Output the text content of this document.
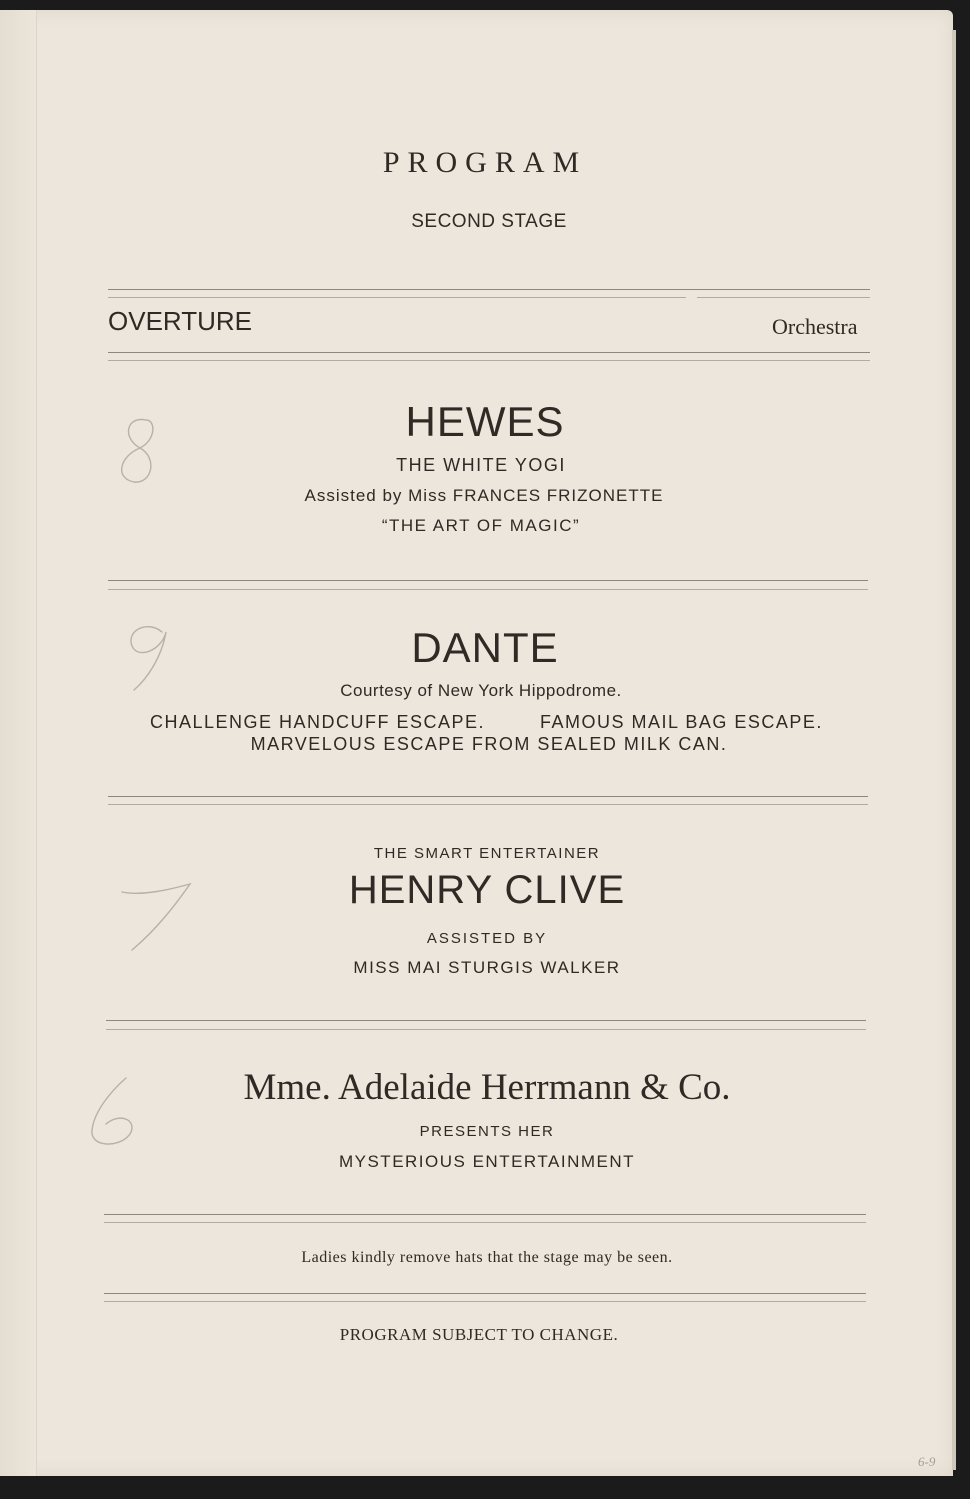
PROGRAM
SECOND STAGE
OVERTURE	Orchestra
HEWES
THE WHITE YOGI
Assisted by Miss FRANCES FRIZONETTE
“THE ART OF MAGIC”
DANTE
Courtesy of New York Hippodrome.
CHALLENGE HANDCUFF ESCAPE.	FAMOUS MAIL BAG ESCAPE.
MARVELOUS ESCAPE FROM SEALED MILK CAN.
THE SMART ENTERTAINER
HENRY CLIVE
ASSISTED BY
MISS MAI STURGIS WALKER
Mme. Adelaide Herrmann & Co.
PRESENTS HER
MYSTERIOUS ENTERTAINMENT
Ladies kindly remove hats that the stage may be seen.
PROGRAM SUBJECT TO CHANGE.
6-9
